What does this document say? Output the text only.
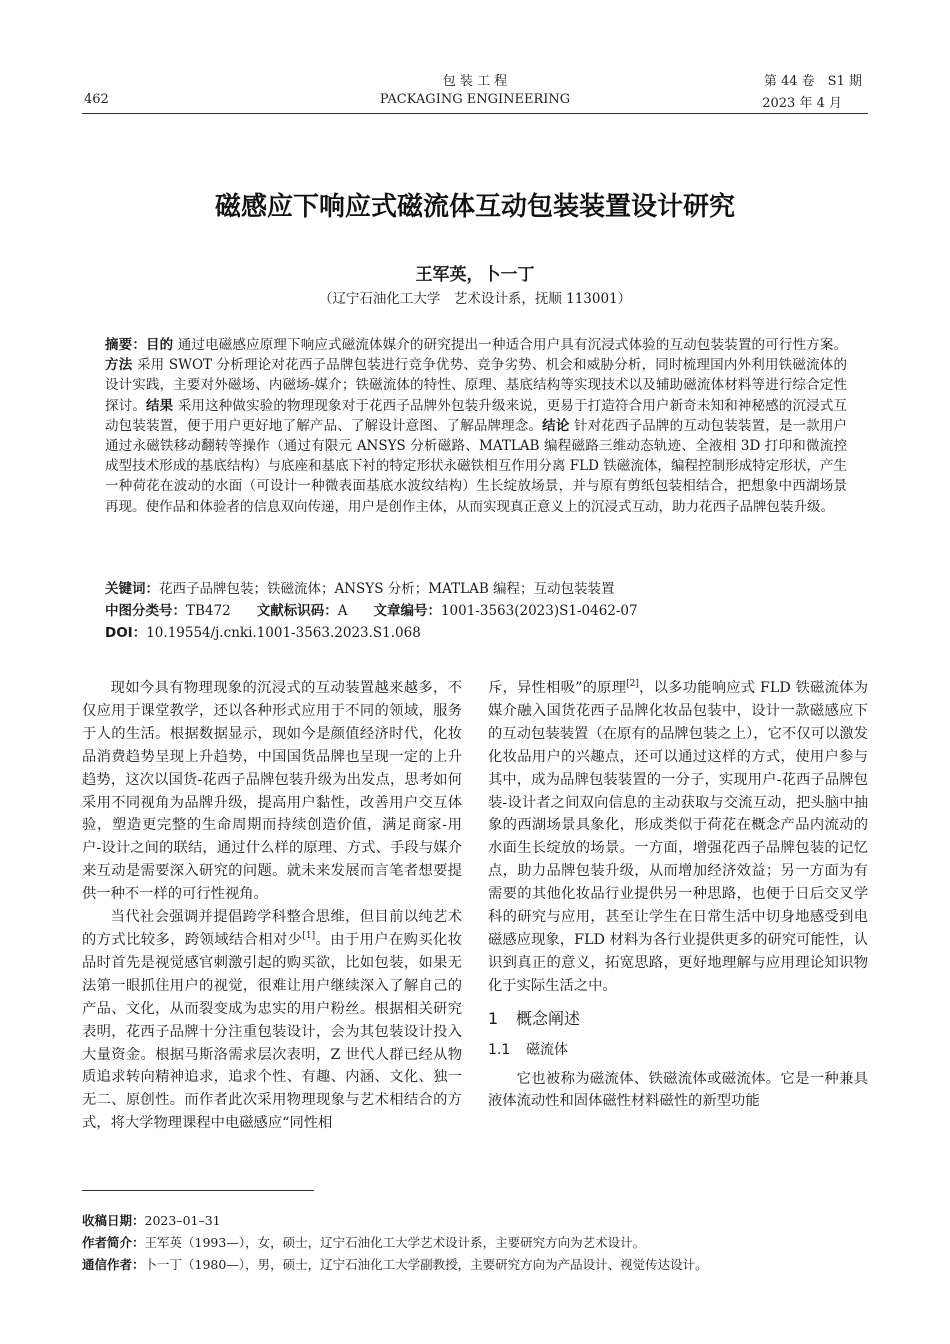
包 装 工 程
PACKAGING ENGINEERING
462
第 44 卷　S1 期
2023 年 4 月
磁感应下响应式磁流体互动包装装置设计研究
王军英，卜一丁
（辽宁石油化工大学　艺术设计系，抚顺 113001）
摘要：目的 通过电磁感应原理下响应式磁流体媒介的研究提出一种适合用户具有沉浸式体验的互动包装装置的可行性方案。方法 采用 SWOT 分析理论对花西子品牌包装进行竞争优势、竞争劣势、机会和威胁分析，同时梳理国内外利用铁磁流体的设计实践，主要对外磁场、内磁场-媒介；铁磁流体的特性、原理、基底结构等实现技术以及辅助磁流体材料等进行综合定性探讨。结果 采用这种做实验的物理现象对于花西子品牌外包装升级来说，更易于打造符合用户新奇未知和神秘感的沉浸式互动包装装置，便于用户更好地了解产品、了解设计意图、了解品牌理念。结论 针对花西子品牌的互动包装装置，是一款用户通过永磁铁移动翻转等操作（通过有限元 ANSYS 分析磁路、MATLAB 编程磁路三维动态轨迹、全液相 3D 打印和微流控成型技术形成的基底结构）与底座和基底下衬的特定形状永磁铁相互作用分离 FLD 铁磁流体，编程控制形成特定形状，产生一种荷花在波动的水面（可设计一种微表面基底水波纹结构）生长绽放场景，并与原有剪纸包装相结合，把想象中西湖场景再现。使作品和体验者的信息双向传递，用户是创作主体，从而实现真正意义上的沉浸式互动，助力花西子品牌包装升级。
关键词：花西子品牌包装；铁磁流体；ANSYS 分析；MATLAB 编程；互动包装装置
中图分类号：TB472 文献标识码：A 文章编号：1001-3563(2023)S1-0462-07
DOI：10.19554/j.cnki.1001-3563.2023.S1.068

现如今具有物理现象的沉浸式的互动装置越来越多，不仅应用于课堂教学，还以各种形式应用于不同的领域，服务于人的生活。根据数据显示，现如今是颜值经济时代，化妆品消费趋势呈现上升趋势，中国国货品牌也呈现一定的上升趋势，这次以国货-花西子品牌包装升级为出发点，思考如何采用不同视角为品牌升级，提高用户黏性，改善用户交互体验，塑造更完整的生命周期而持续创造价值，满足商家-用户-设计之间的联结，通过什么样的原理、方式、手段与媒介来互动是需要深入研究的问题。就未来发展而言笔者想要提供一种不一样的可行性视角。

当代社会强调并提倡跨学科整合思维，但目前以纯艺术的方式比较多，跨领域结合相对少[1]。由于用户在购买化妆品时首先是视觉感官刺激引起的购买欲，比如包装，如果无法第一眼抓住用户的视觉，很难让用户继续深入了解自己的产品、文化，从而裂变成为忠实的用户粉丝。根据相关研究表明，花西子品牌十分注重包装设计，会为其包装设计投入大量资金。根据马斯洛需求层次表明，Z 世代人群已经从物质追求转向精神追求，追求个性、有趣、内涵、文化、独一无二、原创性。而作者此次采用物理现象与艺术相结合的方式，将大学物理课程中电磁感应“同性相

斥，异性相吸”的原理[2]，以多功能响应式 FLD 铁磁流体为媒介融入国货花西子品牌化妆品包装中，设计一款磁感应下的互动包装装置（在原有的品牌包装之上），它不仅可以激发化妆品用户的兴趣点，还可以通过这样的方式，使用户参与其中，成为品牌包装装置的一分子，实现用户-花西子品牌包装-设计者之间双向信息的主动获取与交流互动，把头脑中抽象的西湖场景具象化，形成类似于荷花在概念产品内流动的水面生长绽放的场景。一方面，增强花西子品牌包装的记忆点，助力品牌包装升级，从而增加经济效益；另一方面为有需要的其他化妆品行业提供另一种思路，也便于日后交叉学科的研究与应用，甚至让学生在日常生活中切身地感受到电磁感应现象，FLD 材料为各行业提供更多的研究可能性，认识到真正的意义，拓宽思路，更好地理解与应用理论知识物化于实际生活之中。

1 概念阐述
1.1 磁流体

它也被称为磁流体、铁磁流体或磁流体。它是一种兼具液体流动性和固体磁性材料磁性的新型功能

收稿日期：2023–01–31
作者简介：王军英（1993—），女，硕士，辽宁石油化工大学艺术设计系，主要研究方向为艺术设计。
通信作者：卜一丁（1980—），男，硕士，辽宁石油化工大学副教授，主要研究方向为产品设计、视觉传达设计。
